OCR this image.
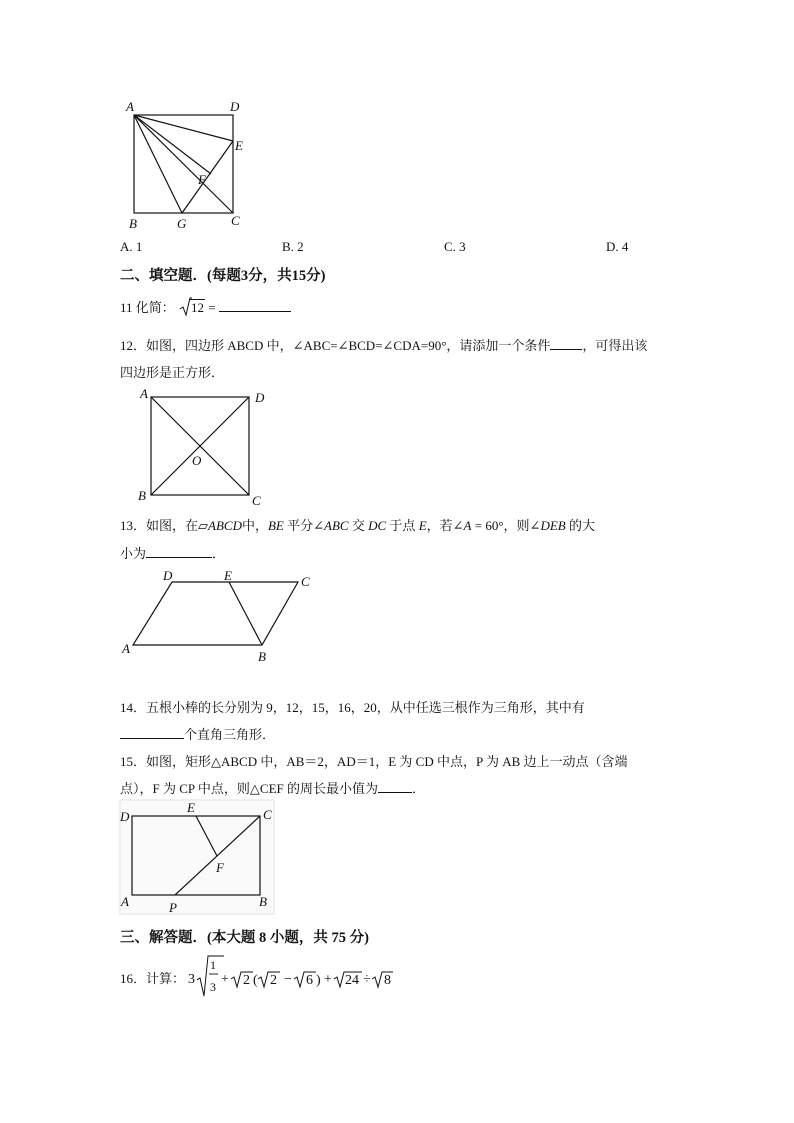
A	D
E
F
B	G	C
A. 1	B. 2	C. 3	D. 4
二、填空题．(每题3分，共15分)
11 化简： 12 =
12．如图，四边形 ABCD 中，∠ABC=∠BCD=∠CDA=90°，请添加一个条件 ，可得出该
四边形是正方形．
A	D
O
B	C
13．如图，在▱ABCD中，BE 平分∠ABC 交 DC 于点 E，若∠A = 60°，则∠DEB 的大
小为	．
D	E	C
A
B
14．五根小棒的长分别为 9，12，15，16，20，从中任选三根作为三角形，其中有
个直角三角形．
15．如图，矩形△ABCD 中，AB＝2，AD＝1，E 为 CD 中点，P 为 AB 边上一动点（含端
点），F 为 CP 中点，则△CEF 的周长最小值为	．
D
E	C
F
A	P	B
三、解答题．(本大题 8 小题，共 75 分)
16．计算： 3
1
3 + 2 ( 2 − 6 ) + 24 ÷ 8
